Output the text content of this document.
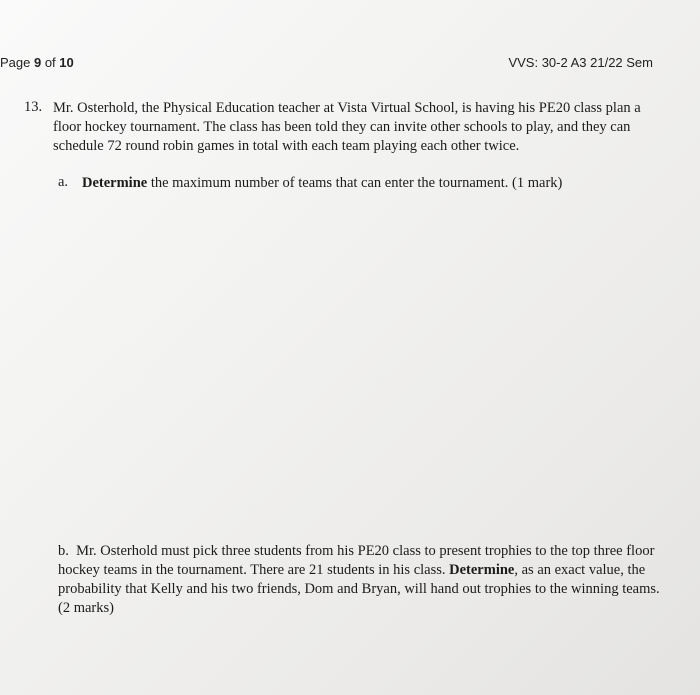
Page 9 of 10	VVS: 30-2 A3 21/22 Sem
13. Mr. Osterhold, the Physical Education teacher at Vista Virtual School, is having his PE20 class plan a floor hockey tournament. The class has been told they can invite other schools to play, and they can schedule 72 round robin games in total with each team playing each other twice.
a. Determine the maximum number of teams that can enter the tournament. (1 mark)
b.  Mr. Osterhold must pick three students from his PE20 class to present trophies to the top three floor hockey teams in the tournament. There are 21 students in his class. Determine, as an exact value, the probability that Kelly and his two friends, Dom and Bryan, will hand out trophies to the winning teams. (2 marks)
